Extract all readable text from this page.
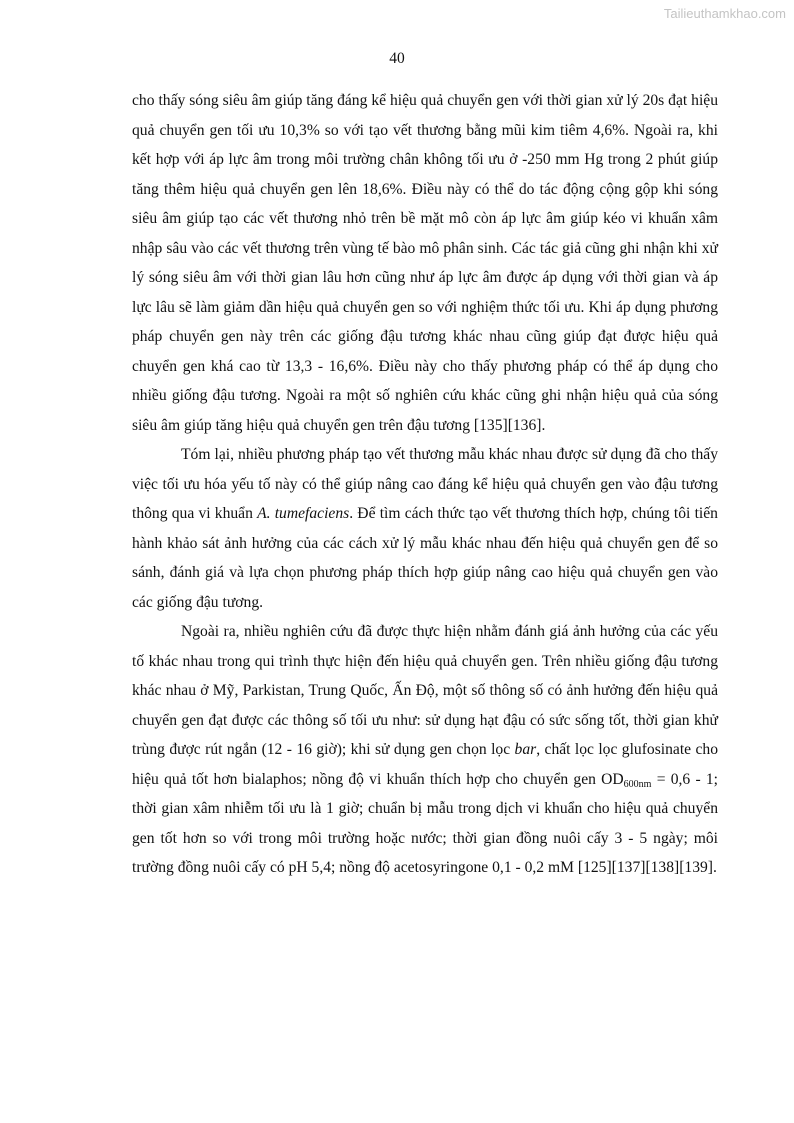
Tailieuthamkhao.com
40

cho thấy sóng siêu âm giúp tăng đáng kể hiệu quả chuyển gen với thời gian xử lý 20s đạt hiệu quả chuyển gen tối ưu 10,3% so với tạo vết thương bằng mũi kim tiêm 4,6%. Ngoài ra, khi kết hợp với áp lực âm trong môi trường chân không tối ưu ở -250 mm Hg trong 2 phút giúp tăng thêm hiệu quả chuyển gen lên 18,6%. Điều này có thể do tác động cộng gộp khi sóng siêu âm giúp tạo các vết thương nhỏ trên bề mặt mô còn áp lực âm giúp kéo vi khuẩn xâm nhập sâu vào các vết thương trên vùng tế bào mô phân sinh. Các tác giả cũng ghi nhận khi xử lý sóng siêu âm với thời gian lâu hơn cũng như áp lực âm được áp dụng với thời gian và áp lực lâu sẽ làm giảm dần hiệu quả chuyển gen so với nghiệm thức tối ưu. Khi áp dụng phương pháp chuyển gen này trên các giống đậu tương khác nhau cũng giúp đạt được hiệu quả chuyển gen khá cao từ 13,3 - 16,6%. Điều này cho thấy phương pháp có thể áp dụng cho nhiều giống đậu tương. Ngoài ra một số nghiên cứu khác cũng ghi nhận hiệu quả của sóng siêu âm giúp tăng hiệu quả chuyển gen trên đậu tương [135][136].

Tóm lại, nhiều phương pháp tạo vết thương mẫu khác nhau được sử dụng đã cho thấy việc tối ưu hóa yếu tố này có thể giúp nâng cao đáng kể hiệu quả chuyển gen vào đậu tương thông qua vi khuẩn A. tumefaciens. Để tìm cách thức tạo vết thương thích hợp, chúng tôi tiến hành khảo sát ảnh hưởng của các cách xử lý mẫu khác nhau đến hiệu quả chuyển gen để so sánh, đánh giá và lựa chọn phương pháp thích hợp giúp nâng cao hiệu quả chuyển gen vào các giống đậu tương.

Ngoài ra, nhiều nghiên cứu đã được thực hiện nhằm đánh giá ảnh hưởng của các yếu tố khác nhau trong qui trình thực hiện đến hiệu quả chuyển gen. Trên nhiều giống đậu tương khác nhau ở Mỹ, Parkistan, Trung Quốc, Ấn Độ, một số thông số có ảnh hưởng đến hiệu quả chuyển gen đạt được các thông số tối ưu như: sử dụng hạt đậu có sức sống tốt, thời gian khử trùng được rút ngắn (12 - 16 giờ); khi sử dụng gen chọn lọc bar, chất lọc lọc glufosinate cho hiệu quả tốt hơn bialaphos; nồng độ vi khuẩn thích hợp cho chuyển gen $OD_{600nm} = 0,6 - 1$; thời gian xâm nhiễm tối ưu là 1 giờ; chuẩn bị mẫu trong dịch vi khuẩn cho hiệu quả chuyển gen tốt hơn so với trong môi trường hoặc nước; thời gian đồng nuôi cấy 3 - 5 ngày; môi trường đồng nuôi cấy có pH 5,4; nồng độ acetosyringone 0,1 - 0,2 mM [125][137][138][139].
